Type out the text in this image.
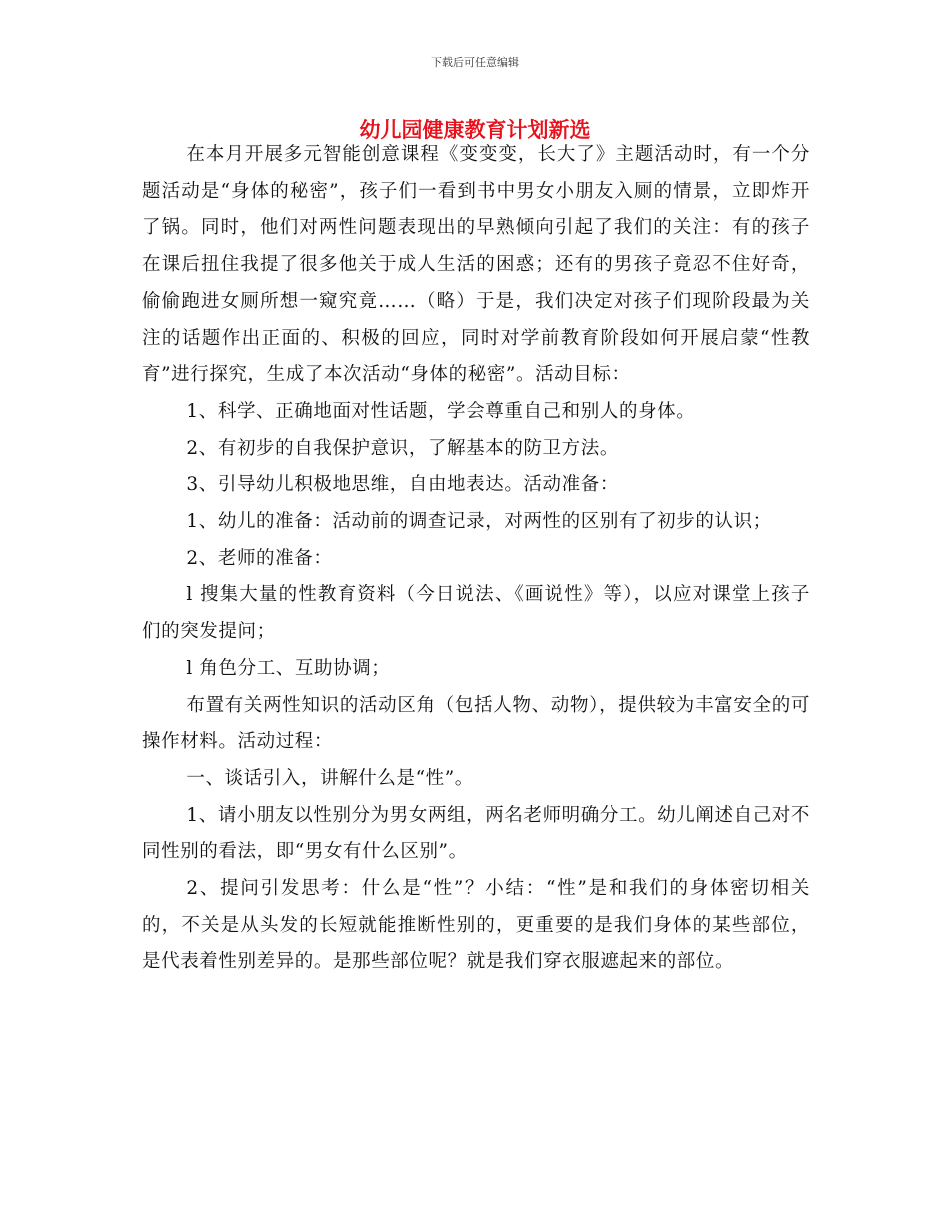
下载后可任意编辑
幼儿园健康教育计划新选

在本月开展多元智能创意课程《变变变，长大了》主题活动时，有一个分题活动是“身体的秘密”，孩子们一看到书中男女小朋友入厕的情景，立即炸开了锅。同时，他们对两性问题表现出的早熟倾向引起了我们的关注：有的孩子在课后扭住我提了很多他关于成人生活的困惑；还有的男孩子竟忍不住好奇，偷偷跑进女厕所想一窥究竟……（略）于是，我们决定对孩子们现阶段最为关注的话题作出正面的、积极的回应，同时对学前教育阶段如何开展启蒙“性教育”进行探究，生成了本次活动“身体的秘密”。活动目标：

1、科学、正确地面对性话题，学会尊重自己和别人的身体。

2、有初步的自我保护意识，了解基本的防卫方法。

3、引导幼儿积极地思维，自由地表达。活动准备：

1、幼儿的准备：活动前的调查记录，对两性的区别有了初步的认识；

2、老师的准备：

l 搜集大量的性教育资料（今日说法、《画说性》等），以应对课堂上孩子们的突发提问；

l 角色分工、互助协调；

布置有关两性知识的活动区角（包括人物、动物），提供较为丰富安全的可操作材料。活动过程：

一、谈话引入，讲解什么是“性”。

1、请小朋友以性别分为男女两组，两名老师明确分工。幼儿阐述自己对不同性别的看法，即“男女有什么区别”。

2、提问引发思考：什么是“性”？小结：“性”是和我们的身体密切相关的，不关是从头发的长短就能推断性别的，更重要的是我们身体的某些部位，是代表着性别差异的。是那些部位呢？就是我们穿衣服遮起来的部位。
